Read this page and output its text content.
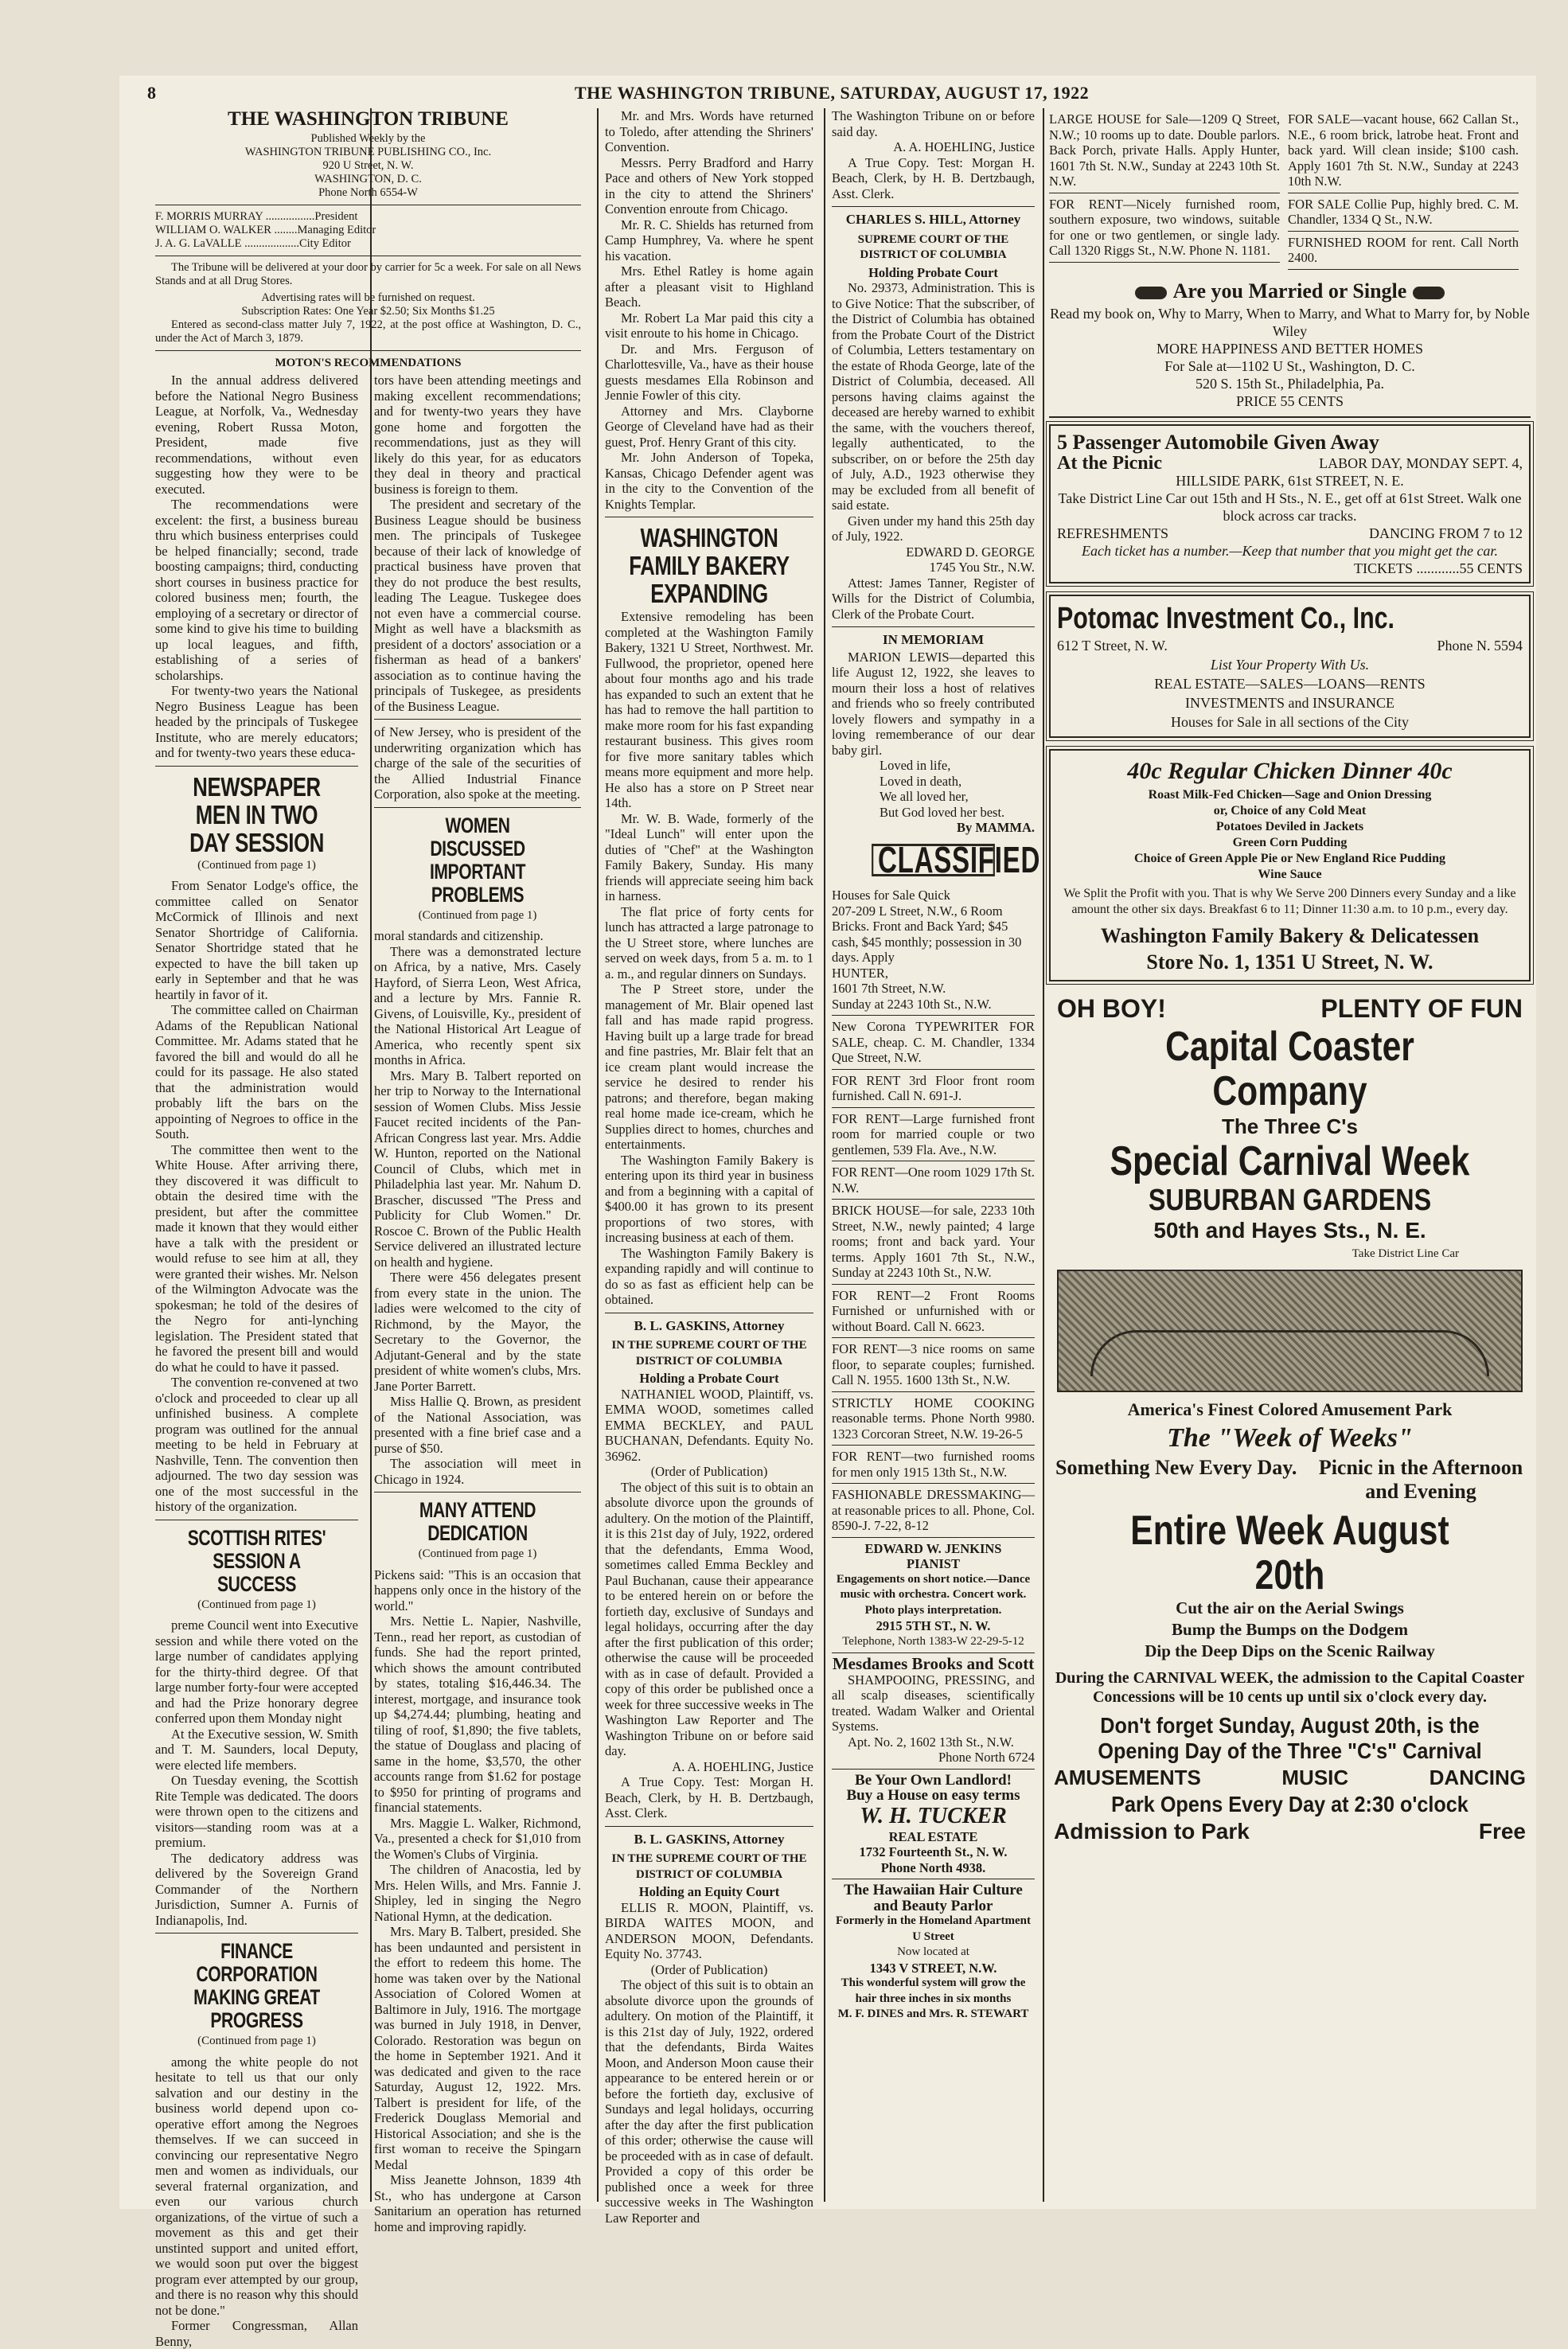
8	THE WASHINGTON TRIBUNE, SATURDAY, AUGUST 17, 1922
THE WASHINGTON TRIBUNE
Published Weekly by the
WASHINGTON TRIBUNE PUBLISHING CO., Inc.
920 U Street, N. W.
WASHINGTON, D. C.
Phone North 6554-W
F. MORRIS MURRAY .................President
WILLIAM O. WALKER ........Managing Editor
J. A. G. LaVALLE ...................City Editor

The Tribune will be delivered at your door by carrier for 5c a week. For sale on all News Stands and at all Drug Stores.

Advertising rates will be furnished on request.

Subscription Rates: One Year $2.50; Six Months $1.25

Entered as second-class matter July 7, 1922, at the post office at Washington, D. C., under the Act of March 3, 1879.

MOTON'S RECOMMENDATIONS

In the annual address delivered before the National Negro Business League, at Norfolk, Va., Wednesday evening, Robert Russa Moton, President, made five recommendations, without even suggesting how they were to be executed.

The recommendations were excelent: the first, a business bureau thru which business enterprises could be helped financially; second, trade boosting campaigns; third, conducting short courses in business practice for colored business men; fourth, the employing of a secretary or director of some kind to give his time to building up local leagues, and fifth, establishing of a series of scholarships.

For twenty-two years the National Negro Business League has been headed by the principals of Tuskegee Institute, who are merely educators; and for twenty-two years these educa-

NEWSPAPER MEN IN TWO DAY SESSION
(Continued from page 1)

From Senator Lodge's office, the committee called on Senator McCormick of Illinois and next Senator Shortridge of California. Senator Shortridge stated that he expected to have the bill taken up early in September and that he was heartily in favor of it.

The committee called on Chairman Adams of the Republican National Committee. Mr. Adams stated that he favored the bill and would do all he could for its passage. He also stated that the administration would probably lift the bars on the appointing of Negroes to office in the South.

The committee then went to the White House. After arriving there, they discovered it was difficult to obtain the desired time with the president, but after the committee made it known that they would either have a talk with the president or would refuse to see him at all, they were granted their wishes. Mr. Nelson of the Wilmington Advocate was the spokesman; he told of the desires of the Negro for anti-lynching legislation. The President stated that he favored the present bill and would do what he could to have it passed.

The convention re-convened at two o'clock and proceeded to clear up all unfinished business. A complete program was outlined for the annual meeting to be held in February at Nashville, Tenn. The convention then adjourned. The two day session was one of the most successful in the history of the organization.

SCOTTISH RITES' SESSION A SUCCESS
(Continued from page 1)

preme Council went into Executive session and while there voted on the large number of candidates applying for the thirty-third degree. Of that large number forty-four were accepted and had the Prize honorary degree conferred upon them Monday night

At the Executive session, W. Smith and T. M. Saunders, local Deputy, were elected life members.

On Tuesday evening, the Scottish Rite Temple was dedicated. The doors were thrown open to the citizens and visitors—standing room was at a premium.

The dedicatory address was delivered by the Sovereign Grand Commander of the Northern Jurisdiction, Sumner A. Furnis of Indianapolis, Ind.

FINANCE CORPORATION MAKING GREAT PROGRESS
(Continued from page 1)

among the white people do not hesitate to tell us that our only salvation and our destiny in the business world depend upon co-operative effort among the Negroes themselves. If we can succeed in convincing our representative Negro men and women as individuals, our several fraternal organization, and even our various church organizations, of the virtue of such a movement as this and get their unstinted support and united effort, we would soon put over the biggest program ever attempted by our group, and there is no reason why this should not be done."

Former Congressman, Allan Benny,

tors have been attending meetings and making excellent recommendations; and for twenty-two years they have gone home and forgotten the recommendations, just as they will likely do this year, for as educators they deal in theory and practical business is foreign to them.

The president and secretary of the Business League should be business men. The principals of Tuskegee because of their lack of knowledge of practical business have proven that they do not produce the best results, leading The League. Tuskegee does not even have a commercial course. Might as well have a blacksmith as president of a doctors' association or a fisherman as head of a bankers' association as to continue having the principals of Tuskegee, as presidents of the Business League.

of New Jersey, who is president of the underwriting organization which has charge of the sale of the securities of the Allied Industrial Finance Corporation, also spoke at the meeting.

WOMEN DISCUSSED IMPORTANT PROBLEMS
(Continued from page 1)

moral standards and citizenship.

There was a demonstrated lecture on Africa, by a native, Mrs. Casely Hayford, of Sierra Leon, West Africa, and a lecture by Mrs. Fannie R. Givens, of Louisville, Ky., president of the National Historical Art League of America, who recently spent six months in Africa.

Mrs. Mary B. Talbert reported on her trip to Norway to the International session of Women Clubs. Miss Jessie Faucet recited incidents of the Pan-African Congress last year. Mrs. Addie W. Hunton, reported on the National Council of Clubs, which met in Philadelphia last year. Mr. Nahum D. Brascher, discussed "The Press and Publicity for Club Women." Dr. Roscoe C. Brown of the Public Health Service delivered an illustrated lecture on health and hygiene.

There were 456 delegates present from every state in the union. The ladies were welcomed to the city of Richmond, by the Mayor, the Secretary to the Governor, the Adjutant-General and by the state president of white women's clubs, Mrs. Jane Porter Barrett.

Miss Hallie Q. Brown, as president of the National Association, was presented with a fine brief case and a purse of $50.

The association will meet in Chicago in 1924.

MANY ATTEND DEDICATION
(Continued from page 1)

Pickens said: "This is an occasion that happens only once in the history of the world."

Mrs. Nettie L. Napier, Nashville, Tenn., read her report, as custodian of funds. She had the report printed, which shows the amount contributed by states, totaling $16,446.34. The interest, mortgage, and insurance took up $4,274.44; plumbing, heating and tiling of roof, $1,890; the five tablets, the statue of Douglass and placing of same in the home, $3,570, the other accounts range from $1.62 for postage to $950 for printing of programs and financial statements.

Mrs. Maggie L. Walker, Richmond, Va., presented a check for $1,010 from the Women's Clubs of Virginia.

The children of Anacostia, led by Mrs. Helen Wills, and Mrs. Fannie J. Shipley, led in singing the Negro National Hymn, at the dedication.

Mrs. Mary B. Talbert, presided. She has been undaunted and persistent in the effort to redeem this home. The home was taken over by the National Association of Colored Women at Baltimore in July, 1916. The mortgage was burned in July 1918, in Denver, Colorado. Restoration was begun on the home in September 1921. And it was dedicated and given to the race Saturday, August 12, 1922. Mrs. Talbert is president for life, of the Frederick Douglass Memorial and Historical Association; and she is the first woman to receive the Spingarn Medal

Miss Jeanette Johnson, 1839 4th St., who has undergone at Carson Sanitarium an operation has returned home and improving rapidly.

Mr. and Mrs. Words have returned to Toledo, after attending the Shriners' Convention.

Messrs. Perry Bradford and Harry Pace and others of New York stopped in the city to attend the Shriners' Convention enroute from Chicago.

Mr. R. C. Shields has returned from Camp Humphrey, Va. where he spent his vacation.

Mrs. Ethel Ratley is home again after a pleasant visit to Highland Beach.

Mr. Robert La Mar paid this city a visit enroute to his home in Chicago.

Dr. and Mrs. Ferguson of Charlottesville, Va., have as their house guests mesdames Ella Robinson and Jennie Fowler of this city.

Attorney and Mrs. Clayborne George of Cleveland have had as their guest, Prof. Henry Grant of this city.

Mr. John Anderson of Topeka, Kansas, Chicago Defender agent was in the city to the Convention of the Knights Templar.

WASHINGTON FAMILY BAKERY EXPANDING

Extensive remodeling has been completed at the Washington Family Bakery, 1321 U Street, Northwest. Mr. Fullwood, the proprietor, opened here about four months ago and his trade has expanded to such an extent that he has had to remove the hall partition to make more room for his fast expanding restaurant business. This gives room for five more sanitary tables which means more equipment and more help. He also has a store on P Street near 14th.

Mr. W. B. Wade, formerly of the "Ideal Lunch" will enter upon the duties of "Chef" at the Washington Family Bakery, Sunday. His many friends will appreciate seeing him back in harness.

The flat price of forty cents for lunch has attracted a large patronage to the U Street store, where lunches are served on week days, from 5 a. m. to 1 a. m., and regular dinners on Sundays.

The P Street store, under the management of Mr. Blair opened last fall and has made rapid progress. Having built up a large trade for bread and fine pastries, Mr. Blair felt that an ice cream plant would increase the service he desired to render his patrons; and therefore, began making real home made ice-cream, which he Supplies direct to homes, churches and entertainments.

The Washington Family Bakery is entering upon its third year in business and from a beginning with a capital of $400.00 it has grown to its present proportions of two stores, with increasing business at each of them.

The Washington Family Bakery is expanding rapidly and will continue to do so as fast as efficient help can be obtained.

B. L. GASKINS, Attorney
IN THE SUPREME COURT OF THE DISTRICT OF COLUMBIA
Holding a Probate Court

NATHANIEL WOOD, Plaintiff, vs. EMMA WOOD, sometimes called EMMA BECKLEY, and PAUL BUCHANAN, Defendants. Equity No. 36962.

(Order of Publication)

The object of this suit is to obtain an absolute divorce upon the grounds of adultery. On the motion of the Plaintiff, it is this 21st day of July, 1922, ordered that the defendants, Emma Wood, sometimes called Emma Beckley and Paul Buchanan, cause their appearance to be entered herein on or before the fortieth day, exclusive of Sundays and legal holidays, occurring after the day after the first publication of this order; otherwise the cause will be proceeded with as in case of default. Provided a copy of this order be published once a week for three successive weeks in The Washington Law Reporter and The Washington Tribune on or before said day.

A. A. HOEHLING, Justice

A True Copy. Test: Morgan H. Beach, Clerk, by H. B. Dertzbaugh, Asst. Clerk.

B. L. GASKINS, Attorney
IN THE SUPREME COURT OF THE DISTRICT OF COLUMBIA
Holding an Equity Court

ELLIS R. MOON, Plaintiff, vs. BIRDA WAITES MOON, and ANDERSON MOON, Defendants. Equity No. 37743.

(Order of Publication)

The object of this suit is to obtain an absolute divorce upon the grounds of adultery. On motion of the Plaintiff, it is this 21st day of July, 1922, ordered that the defendants, Birda Waites Moon, and Anderson Moon cause their appearance to be entered herein or or before the fortieth day, exclusive of Sundays and legal holidays, occurring after the day after the first publication of this order; otherwise the cause will be proceeded with as in case of default. Provided a copy of this order be published once a week for three successive weeks in The Washington Law Reporter and

The Washington Tribune on or before said day.

A. A. HOEHLING, Justice

A True Copy. Test: Morgan H. Beach, Clerk, by H. B. Dertzbaugh, Asst. Clerk.

CHARLES S. HILL, Attorney
SUPREME COURT OF THE DISTRICT OF COLUMBIA
Holding Probate Court

No. 29373, Administration. This is to Give Notice: That the subscriber, of the District of Columbia has obtained from the Probate Court of the District of Columbia, Letters testamentary on the estate of Rhoda George, late of the District of Columbia, deceased. All persons having claims against the deceased are hereby warned to exhibit the same, with the vouchers thereof, legally authenticated, to the subscriber, on or before the 25th day of July, A.D., 1923 otherwise they may be excluded from all benefit of said estate.

Given under my hand this 25th day of July, 1922.

EDWARD D. GEORGE
1745 You Str., N.W.

Attest: James Tanner, Register of Wills for the District of Columbia, Clerk of the Probate Court.

IN MEMORIAM

MARION LEWIS—departed this life August 12, 1922, she leaves to mourn their loss a host of relatives and friends who so freely contributed lovely flowers and sympathy in a loving rememberance of our dear baby girl.

Loved in life,
Loved in death,
We all loved her,
But God loved her best.
By MAMMA.
CLASSIFIED
Houses for Sale Quick
207-209 L Street, N.W., 6 Room Bricks. Front and Back Yard; $45 cash, $45 monthly; possession in 30 days. Apply
HUNTER,
1601 7th Street, N.W.
Sunday at 2243 10th St., N.W.
New Corona TYPEWRITER FOR SALE, cheap. C. M. Chandler, 1334 Que Street, N.W.
FOR RENT 3rd Floor front room furnished. Call N. 691-J.
FOR RENT—Large furnished front room for married couple or two gentlemen, 539 Fla. Ave., N.W.
FOR RENT—One room 1029 17th St. N.W.
BRICK HOUSE—for sale, 2233 10th Street, N.W., newly painted; 4 large rooms; front and back yard. Your terms. Apply 1601 7th St., N.W., Sunday at 2243 10th St., N.W.
FOR RENT—2 Front Rooms Furnished or unfurnished with or without Board. Call N. 6623.
FOR RENT—3 nice rooms on same floor, to separate couples; furnished. Call N. 1955. 1600 13th St., N.W.
STRICTLY HOME COOKING reasonable terms. Phone North 9980. 1323 Corcoran Street, N.W. 19-26-5
FOR RENT—two furnished rooms for men only 1915 13th St., N.W.
FASHIONABLE DRESSMAKING—at reasonable prices to all. Phone, Col. 8590-J. 7-22, 8-12
EDWARD W. JENKINS
PIANIST
Engagements on short notice.—Dance music with orchestra. Concert work. Photo plays interpretation.
2915 5TH ST., N. W.
Telephone, North 1383-W 22-29-5-12
Mesdames Brooks and Scott

SHAMPOOING, PRESSING, and all scalp diseases, scientifically treated. Wadam Walker and Oriental Systems.

Apt. No. 2, 1602 13th St., N.W.

Phone North 6724
Be Your Own Landlord!
Buy a House on easy terms
W. H. TUCKER
REAL ESTATE
1732 Fourteenth St., N. W.
Phone North 4938.
The Hawaiian Hair Culture and Beauty Parlor
Formerly in the Homeland Apartment U Street
Now located at
1343 V STREET, N.W.
This wonderful system will grow the hair three inches in six months
M. F. DINES and Mrs. R. STEWART
LARGE HOUSE for Sale—1209 Q Street, N.W.; 10 rooms up to date. Double parlors. Back Porch, private Halls. Apply Hunter, 1601 7th St. N.W., Sunday at 2243 10th St. N.W.
FOR RENT—Nicely furnished room, southern exposure, two windows, suitable for one or two gentlemen, or single lady. Call 1320 Riggs St., N.W. Phone N. 1181.
FOR SALE—vacant house, 662 Callan St., N.E., 6 room brick, latrobe heat. Front and back yard. Will clean inside; $100 cash. Apply 1601 7th St. N.W., Sunday at 2243 10th N.W.
FOR SALE Collie Pup, highly bred. C. M. Chandler, 1334 Q St., N.W.
FURNISHED ROOM for rent. Call North 2400.
Are you Married or Single
Read my book on, Why to Marry, When to Marry, and What to Marry for, by Noble Wiley
MORE HAPPINESS AND BETTER HOMES
For Sale at—1102 U St., Washington, D. C.
520 S. 15th St., Philadelphia, Pa.
PRICE 55 CENTS
5 Passenger Automobile Given Away
At the Picnic	LABOR DAY, MONDAY SEPT. 4,
HILLSIDE PARK, 61st STREET, N. E.
Take District Line Car out 15th and H Sts., N. E., get off at 61st Street. Walk one block across car tracks.
REFRESHMENTS	DANCING FROM 7 to 12
Each ticket has a number.—Keep that number that you might get the car.
TICKETS ............55 CENTS
Potomac Investment Co., Inc.
612 T Street, N. W.	Phone N. 5594
List Your Property With Us.
REAL ESTATE—SALES—LOANS—RENTS
INVESTMENTS and INSURANCE
Houses for Sale in all sections of the City
40c Regular Chicken Dinner 40c
Roast Milk-Fed Chicken—Sage and Onion Dressing
or, Choice of any Cold Meat
Potatoes Deviled in Jackets
Green Corn Pudding
Choice of Green Apple Pie or New England Rice Pudding
Wine Sauce
We Split the Profit with you. That is why We Serve 200 Dinners every Sunday and a like amount the other six days. Breakfast 6 to 11; Dinner 11:30 a.m. to 10 p.m., every day.
Washington Family Bakery & Delicatessen
Store No. 1, 1351 U Street, N. W.
OH BOY!	PLENTY OF FUN
Capital Coaster Company
The Three C's
Special Carnival Week
SUBURBAN GARDENS
50th and Hayes Sts., N. E.
Take District Line Car
America's Finest Colored Amusement Park
The "Week of Weeks"
Something New Every Day. Picnic in the Afternoon and Evening
Entire Week August 20th
Cut the air on the Aerial Swings
Bump the Bumps on the Dodgem
Dip the Deep Dips on the Scenic Railway
During the CARNIVAL WEEK, the admission to the Capital Coaster Concessions will be 10 cents up until six o'clock every day.
Don't forget Sunday, August 20th, is the Opening Day of the Three "C's" Carnival
AMUSEMENTS	MUSIC	DANCING
Park Opens Every Day at 2:30 o'clock
Admission to Park	Free
